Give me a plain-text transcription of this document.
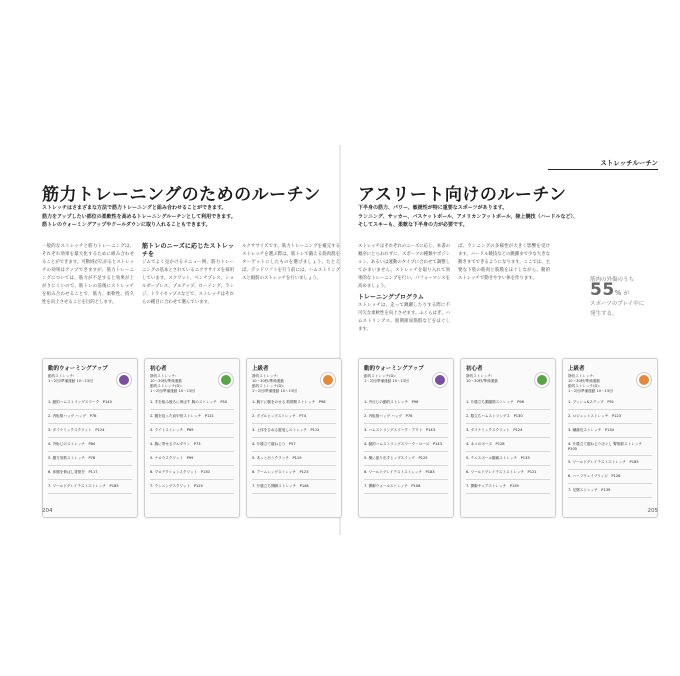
筋力トレーニングのためのルーチン
ストレッチはさまざまな方法で筋力トレーニングと組み合わせることができます。
筋力をアップしたい部位の柔軟性を高めるトレーニングルーチンとして利用できます。
筋トレのウォーミングアップやクールダウンに取り入れることもできます。
一般的なストレッチと筋力トレーニングは、それぞれ効果を最大化するために組み合わせることができます。可動域が広がるとストレッチの効果はアップできますが、筋力トレーニングについては、筋力が不足すると効果が上がりにくいので、筋トレの前後にストレッチを組み合わせることで、筋力、柔軟性、持久性を向上させることを目的とします。
筋トレのニーズに応じたストレッチを
ジムでよく見かけるメニュー例、筋力トレーニングの基本とされているエクササイズを採用しています。スクワット、ベンチプレス、ショルダープレス、プルアップ、ローイング、ランジ、トライセップスなどで、ストレッチはそれらの種目に合わせて選んでいます。
ルクササイズです。筋力トレーニングを補完するストレッチを選ぶ際は、筋トレで鍛える筋肉群をターゲットにしたものを選びましょう。たとえば、デッドリフトを行う前には、ハムストリングスと殿筋のストレッチを行いましょう。
動的ウォーミングアップ
動的ストレッチ:
1〜2回/準備運動 10〜15回
1. 動的ハムストリングスワーク　P143
2. 内転筋ハッグ ハッグ　P76
3. ダイナミックスクワット　P124
4. 外転じのストレッチ　P84
5. 腰方形筋ストレッチ　P78
6. 体側を伸ばし背筋を　P117
7. ワールドグレイテストストレッチ　P183
初心者
静的ストレッチ:
10〜30秒/準備運動
動的ストレッチ(D):
1〜2回/準備運動 10〜15回
1. 手を組み後ろに伸ばす 胸のストレッチ　P50
2. 腰を捻った肩甲骨ストレッチ　P121
3. ライトストレッチ　P69
4. 胸に寄せるプルダウン　P73
5. ナロウスクワット　P99
6. プロテクションスクワット　P130
7. ランニングスクワット　P125
上級者
静的ストレッチ:
10〜30秒/準備運動
動的ストレッチ(D):
1〜2回/準備運動 10〜15回
1. 胸下に腕をのせる 肋間筋ストレッチ　P98
2. ダブルヒップストレッチ　P74
3. 上体をひねる縦返しストレッチ　P112
4. 片膝立て縦ねじり　P57
5. あっと行うクランチ　P119
6. アームレッグストレッチ　P123
7. 片膝立ち開脚ストレッチ　P148
204
ストレッチルーチン
アスリート向けのルーチン
下半身の筋力、パワー、敏捷性が特に重要なスポーツがあります。
ランニング、サッカー、バスケットボール、アメリカンフットボール、陸上競技（ハードルなど）、
そしてスキーも、柔軟な下半身の力が必要です。
ストレッチはそれぞれのニーズに応じ、本書の順序にとらわれずに、スポーツの種類やポジション、あるいは運動のタイプに合わせて調整してかまいません。ストレッチを取り入れて効果的なトレーニングを行い、パフォーマンスを高めましょう。
トレーニングプログラム
ストレッチは、走って跳躍したりする際に不可欠な柔軟性を向上させます。ふくらはぎ、ハムストリングス、股関節屈筋群などをほぐします。
ば、ランニングの多様性が大きく影響を受けます。ハードル競技などの跳躍まで少な大きな動きまでできるようになります。ここでは、主要な下肢の筋肉と筋膜をほぐしながら、動的ストレッチで動きやすい体を作ります。	筋肉の外傷のうち
55% が
スポーツのプレイ中に
発生する。
動的ウォーミングアップ
動的ストレッチ(D):
1〜2回/準備運動 10〜15回
1. 外反じの動的ストレッチ　P96
2. 内転筋ハッグ ハッグ　P76
3. ハムストリングスワーク・アウト　P143
4. 動的ハムストリングスワーク・ローズ　P143
5. 横に振り出すヒップスイング　P125
6. ワールドグレイテストストレッチ　P183
7. 開脚ウォールストレッチ　P108
初心者
静的ストレッチ:
10〜30秒/準備運動
1. 片膝立ち腸腰筋ストレッチ　P96
2. 膝立ちハムストリングス　P130
3. ダイナミックスクワット　P124
4. ネコのポーズ　P128
5. テニスボール腰痛ストレッチ　P133
6. ワールドグレイテストストレッチ　P121
7. 開脚チェアストレッチ　P139
上級者
静的ストレッチ:
10〜30秒/準備運動
動的ストレッチ(D):
1〜2回/準備運動 10〜15回
1. プッシュ&ステップ　P91
2. ロジェットストレッチ　P123
3. 蹴落長ストレッチ　P134
4. 片膝立て縦ねじりほぐし 臀筋群ストレッチ　P105
5. ワールドグレイテストストレッチ　P183
6. ハーフウェイブリッジ　P128
7. 足側ストレッチ　P139
205
